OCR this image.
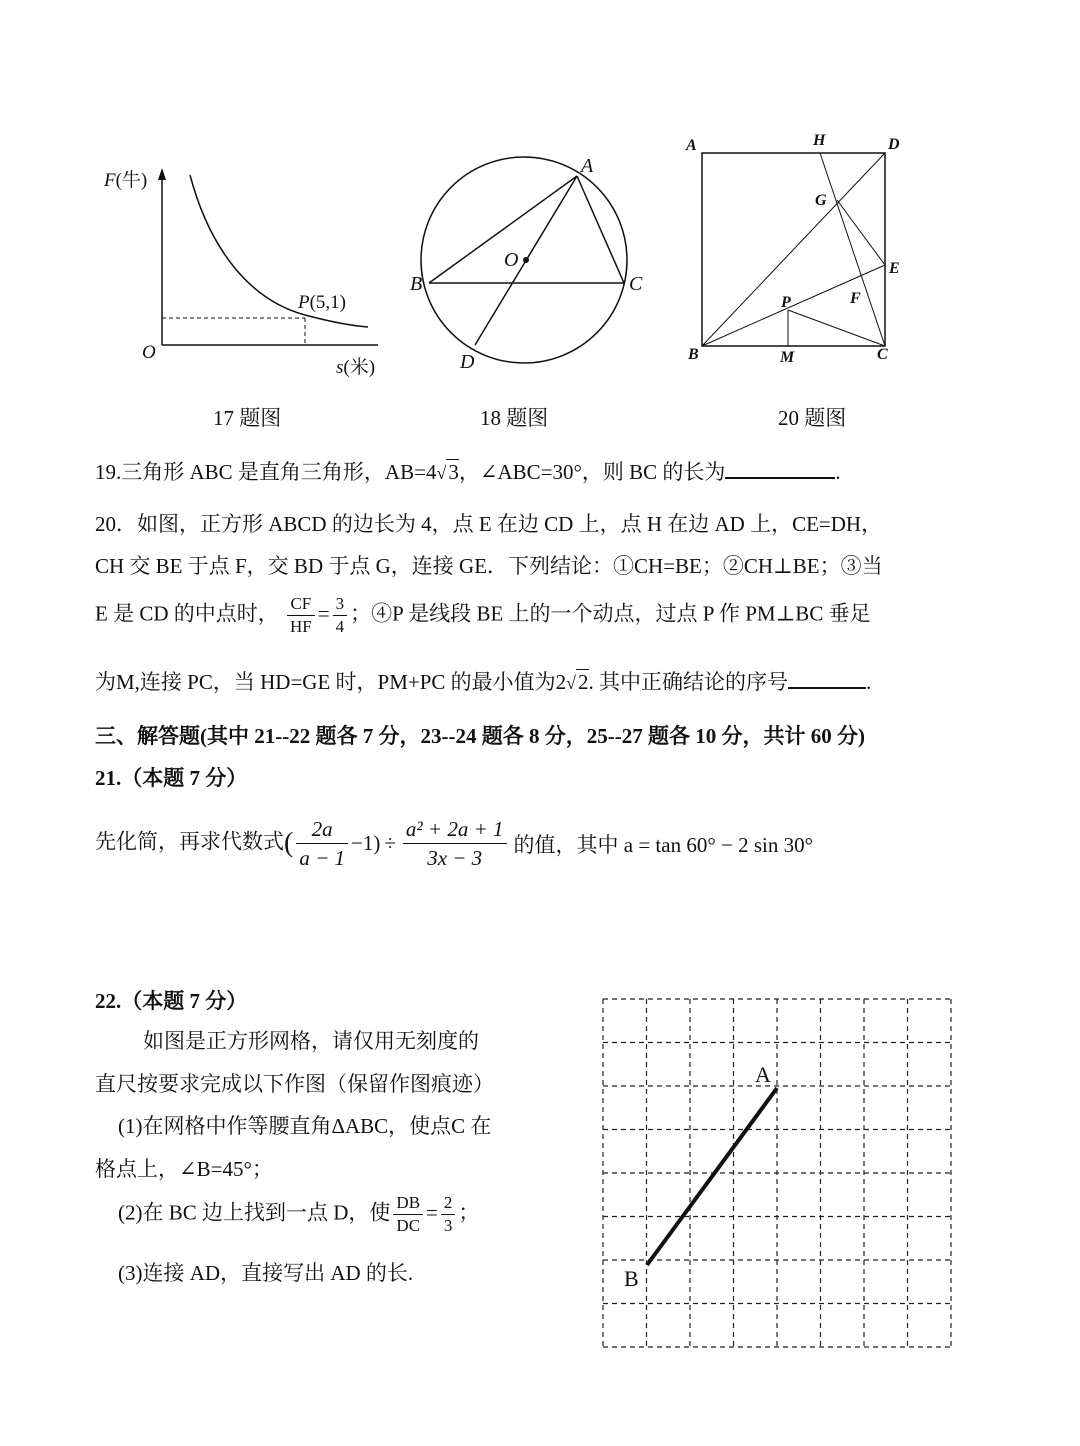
F(牛)
O
s(米)
P(5,1)
17 题图
A
B	C
D
O
18 题图
A	H	D
G
E
P	F
B	M	C
20 题图
19.三角形 ABC 是直角三角形，AB=4√3，∠ABC=30°，则 BC 的长为	.
20．如图，正方形 ABCD 的边长为 4，点 E 在边 CD 上，点 H 在边 AD 上，CE=DH，
CH 交 BE 于点 F，交 BD 于点 G，连接 GE．下列结论：①CH=BE；②CH⊥BE；③当
E 是 CD 的中点时， $\frac{CF}{HF} = \frac{3}{4}$ ；④P 是线段 BE 上的一个动点，过点 P 作 PM⊥BC 垂足
为M,连接 PC，当 HD=GE 时，PM+PC 的最小值为2√2. 其中正确结论的序号	.
三、解答题(其中 21--22 题各 7 分，23--24 题各 8 分，25--27 题各 10 分，共计 60 分)
21.（本题 7 分）
先化简，再求代数式( $\frac{2a}{a - 1} -1) \div \frac{\text{a² + 2a + 1}}{3x - 3}$ 的值，其中 a = tan 60° − 2 sin 30°
22.（本题 7 分）
如图是正方形网格，请仅用无刻度的
直尺按要求完成以下作图（保留作图痕迹）
(1)在网格中作等腰直角ΔABC，使点C 在
格点上，∠B=45°；
(2)在 BC 边上找到一点 D，使 $\frac{DB}{DC} = \frac{2}{3}$ ；
(3)连接 AD，直接写出 AD 的长.
A
B
